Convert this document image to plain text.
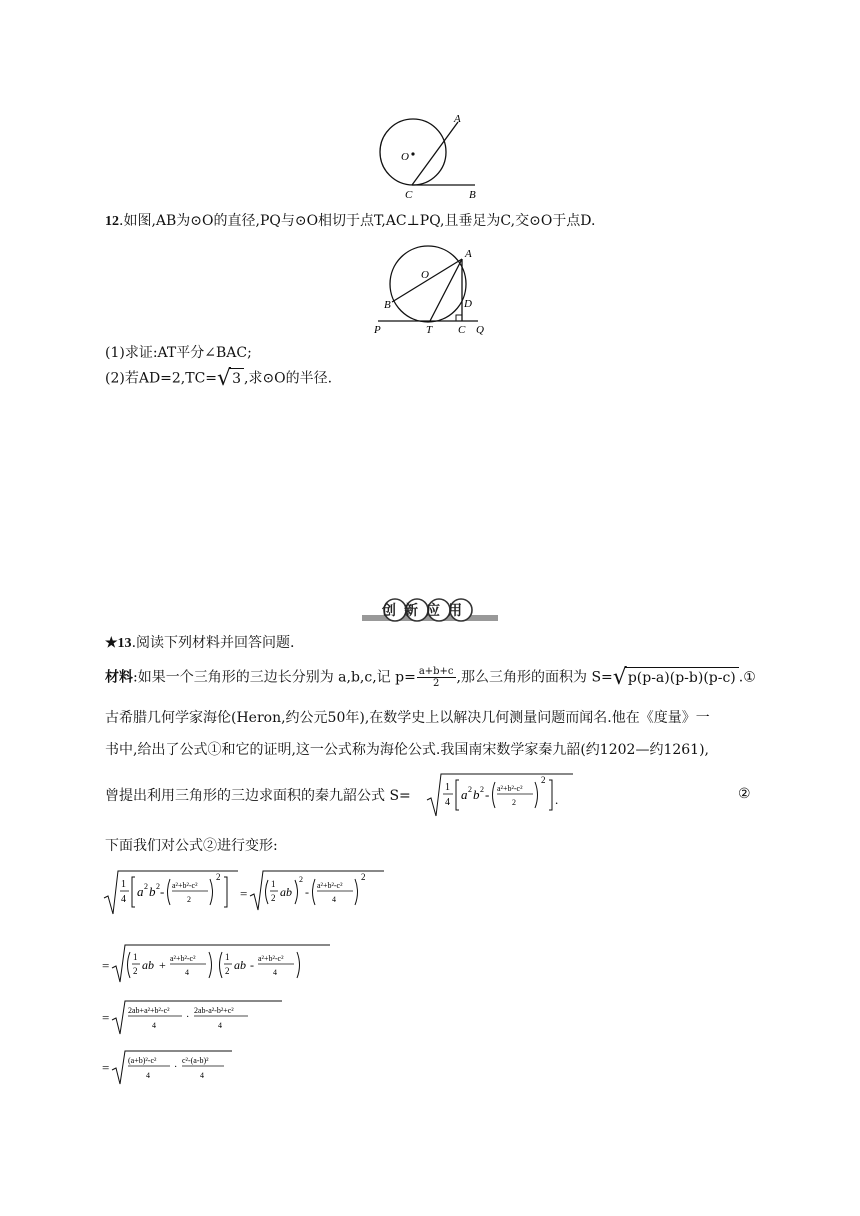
A
O
C	B
12.如图,AB为⊙O的直径,PQ与⊙O相切于点T,AC⊥PQ,且垂足为C,交⊙O于点D.
A
O
B	D
P	T C Q
(1)求证:AT平分∠BAC;
(2)若AD=2,TC=√3 ,求⊙O的半径.
创新应用
★13.阅读下列材料并回答问题.
材料:如果一个三角形的三边长分别为 a,b,c,记 $p= \frac{a+b+c}{2}$ ,那么三角形的面积为 S=√p(p-a)(p-b)(p-c) .①
古希腊几何学家海伦(Heron,约公元50年),在数学史上以解决几何测量问题而闻名.他在《度量》一
书中,给出了公式①和它的证明,这一公式称为海伦公式.我国南宋数学家秦九韶(约1202—约1261),
曾提出利用三角形的三边求面积的秦九韶公式 S=
1
4
a 2 b 2 - a²+b²-c²
2
2
.	②
下面我们对公式②进行变形:
1
4
a 2 b 2 - a²+b²-c²
2
2
=
1
2 ab
2
- a²+b²-c²
4
2
=
1
2 ab + a²+b²-c²
4
1
2 ab - a²+b²-c²
4
= 2ab+a²+b²-c²
4
·
2ab-a²-b²+c²
4
= (a+b)²-c²
4
·
c²-(a-b)²
4
